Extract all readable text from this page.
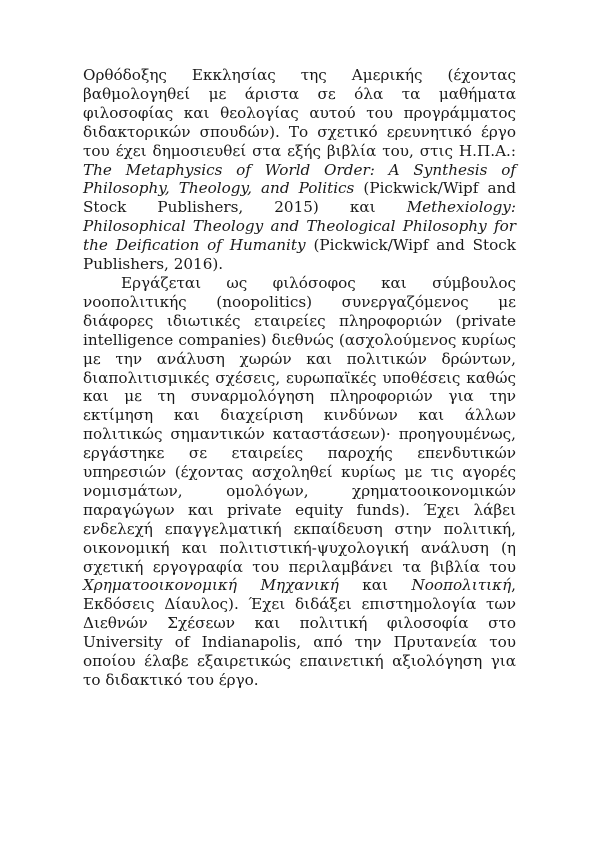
Ορθόδοξης Εκκλησίας της Αμερικής (έχοντας βαθμολογηθεί με άριστα σε όλα τα μαθήματα φιλοσοφίας και θεολογίας αυτού του προγράμματος διδακτορικών σπουδών). Το σχετικό ερευνητικό έργο του έχει δημοσιευθεί στα εξής βιβλία του, στις Η.Π.Α.: The Metaphysics of World Order: A Synthesis of Philosophy, Theology, and Politics (Pickwick/Wipf and Stock Publishers, 2015) και Methexiology: Philosophical Theology and Theological Philosophy for the Deification of Humanity (Pickwick/Wipf and Stock Publishers, 2016).

Εργάζεται ως φιλόσοφος και σύμβουλος νοοπολιτικής (noopolitics) συνεργαζόμενος με διάφορες ιδιωτικές εταιρείες πληροφοριών (private intelligence companies) διεθνώς (ασχολούμενος κυρίως με την ανάλυση χωρών και πολιτικών δρώντων, διαπολιτισμικές σχέσεις, ευρωπαϊκές υποθέσεις καθώς και με τη συναρμολόγηση πληροφοριών για την εκτίμηση και διαχείριση κινδύνων και άλλων πολιτικώς σημαντικών καταστάσεων)· προηγουμένως, εργάστηκε σε εταιρείες παροχής επενδυτικών υπηρεσιών (έχοντας ασχοληθεί κυρίως με τις αγορές νομισμάτων, ομολόγων, χρηματοοικονομικών παραγώγων και private equity funds). Έχει λάβει ενδελεχή επαγγελματική εκπαίδευση στην πολιτική, οικονομική και πολιτιστική-ψυχολογική ανάλυση (η σχετική εργογραφία του περιλαμβάνει τα βιβλία του Χρηματοοικονομική Μηχανική και Νοοπολιτική, Εκδόσεις Δίαυλος). Έχει διδάξει επιστημολογία των Διεθνών Σχέσεων και πολιτική φιλοσοφία στο University of Indianapolis, από την Πρυτανεία του οποίου έλαβε εξαιρετικώς επαινετική αξιολόγηση για το διδακτικό του έργο.
